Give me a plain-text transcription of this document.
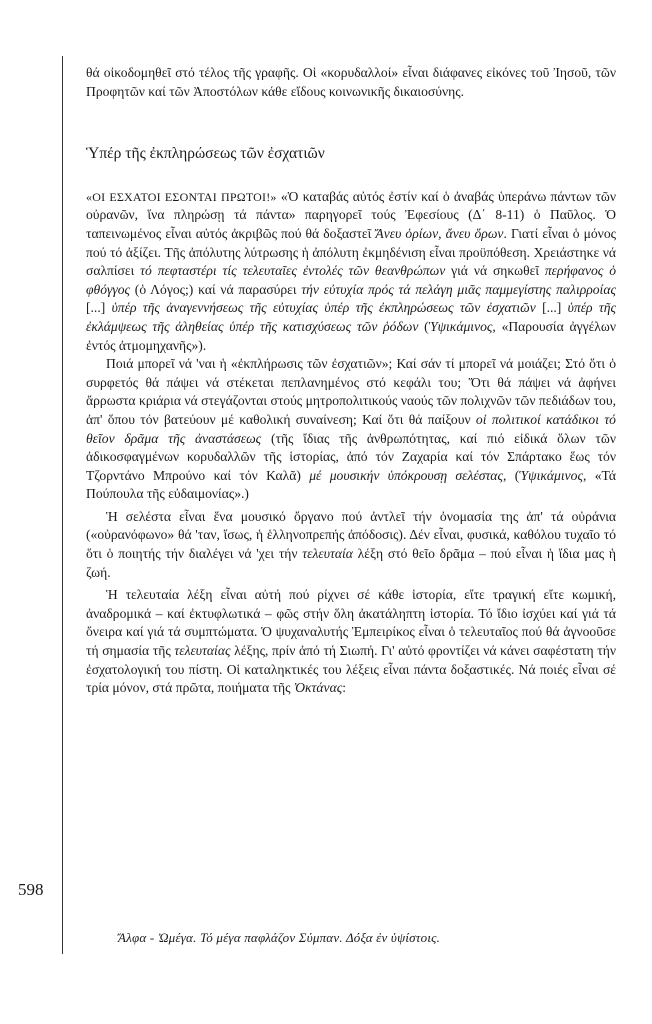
598

θά οἰκοδομηθεῖ στό τέλος τῆς γραφῆς. Οἱ «κορυδαλλοί» εἶναι διάφανες εἰκόνες τοῦ Ἰησοῦ, τῶν Προφητῶν καί τῶν Ἀποστόλων κάθε εἴδους κοινωνικῆς δικαιοσύνης.

Ὑπέρ τῆς ἐκπληρώσεως τῶν ἐσχατιῶν

«ΟΙ ΕΣΧΑΤΟΙ ΕΣΟΝΤΑΙ ΠΡΩΤΟΙ!» «Ὁ καταβάς αὐτός ἐστίν καί ὁ ἀναβάς ὑπεράνω πάντων τῶν οὐρανῶν, ἵνα πληρώσῃ τά πάντα» παρηγορεῖ τούς Ἐφεσίους (Δ΄ 8-11) ὁ Παῦλος. Ὁ ταπεινωμένος εἶναι αὐτός ἀκριβῶς πού θά δοξαστεῖ Ἄνευ ὁρίων, ἄνευ ὅρων. Γιατί εἶναι ὁ μόνος πού τό ἀξίζει. Τῆς ἀπόλυτης λύτρωσης ἡ ἀπόλυτη ἐκμηδένιση εἶναι προϋπόθεση. Χρειάστηκε νά σαλπίσει τό πεφταστέρι τίς τελευταῖες ἐντολές τῶν θεανθρώπων γιά νά σηκωθεῖ περήφανος ὁ φθόγγος (ὁ Λόγος;) καί νά παρασύρει τήν εὐτυχία πρός τά πελάγη μιᾶς παμμεγίστης παλιρροίας [...] ὑπέρ τῆς ἀναγεννήσεως τῆς εὐτυχίας ὑπέρ τῆς ἐκπληρώσεως τῶν ἐσχατιῶν [...] ὑπέρ τῆς ἐκλάμψεως τῆς ἀληθείας ὑπέρ τῆς κατισχύσεως τῶν ῥόδων (Ὑψικάμινος, «Παρουσία ἀγγέλων ἐντός ἀτμομηχανῆς»).

Ποιά μπορεῖ νά 'ναι ἡ «ἐκπλήρωσις τῶν ἐσχατιῶν»; Καί σάν τί μπορεῖ νά μοιάζει; Στό ὅτι ὁ συρφετός θά πάψει νά στέκεται πεπλανημένος στό κεφάλι του; Ὅτι θά πάψει νά ἀφήνει ἄρρωστα κριάρια νά στεγάζονται στούς μητροπολιτικούς ναούς τῶν πολιχνῶν τῶν πεδιάδων του, ἀπ' ὅπου τόν βατεύουν μέ καθολική συναίνεση; Καί ὅτι θά παίξουν οἱ πολιτικοί κατάδικοι τό θεῖον δρᾶμα τῆς ἀναστάσεως (τῆς ἴδιας τῆς ἀνθρωπότητας, καί πιό εἰδικά ὅλων τῶν ἀδικοσφαγμένων κορυδαλλῶν τῆς ἱστορίας, ἀπό τόν Ζαχαρία καί τόν Σπάρτακο ἕως τόν Τζορντάνο Μπρούνο καί τόν Καλᾶ) μέ μουσικήν ὑπόκρουσῃ σελέστας, (Ὑψικάμινος, «Τά Πούπουλα τῆς εὐδαιμονίας».)

Ἡ σελέστα εἶναι ἕνα μουσικό ὄργανο πού ἀντλεῖ τήν ὀνομασία της ἀπ' τά οὐράνια («οὐρανόφωνο» θά 'ταν, ἴσως, ἡ ἑλληνοπρεπής ἀπόδοσις). Δέν εἶναι, φυσικά, καθόλου τυχαῖο τό ὅτι ὁ ποιητής τήν διαλέγει νά 'χει τήν τελευταία λέξη στό θεῖο δρᾶμα – πού εἶναι ἡ ἴδια μας ἡ ζωή.

Ἡ τελευταία λέξη εἶναι αὐτή πού ρίχνει σέ κάθε ἱστορία, εἴτε τραγική εἴτε κωμική, ἀναδρομικά – καί ἐκτυφλωτικά – φῶς στήν ὅλη ἀκατάληπτη ἱστορία. Τό ἴδιο ἰσχύει καί γιά τά ὄνειρα καί γιά τά συμπτώματα. Ὁ ψυχαναλυτής Ἐμπειρίκος εἶναι ὁ τελευταῖος πού θά ἀγνοοῦσε τή σημασία τῆς τελευταίας λέξης, πρίν ἀπό τή Σιωπή. Γι' αὐτό φροντίζει νά κάνει σαφέστατη τήν ἐσχατολογική του πίστη. Οἱ καταληκτικές του λέξεις εἶναι πάντα δοξαστικές. Νά ποιές εἶναι σέ τρία μόνον, στά πρῶτα, ποιήματα τῆς Ὀκτάνας:

Ἄλφα - Ὠμέγα. Τό μέγα παφλάζον Σύμπαν. Δόξα ἐν ὑψίστοις.
